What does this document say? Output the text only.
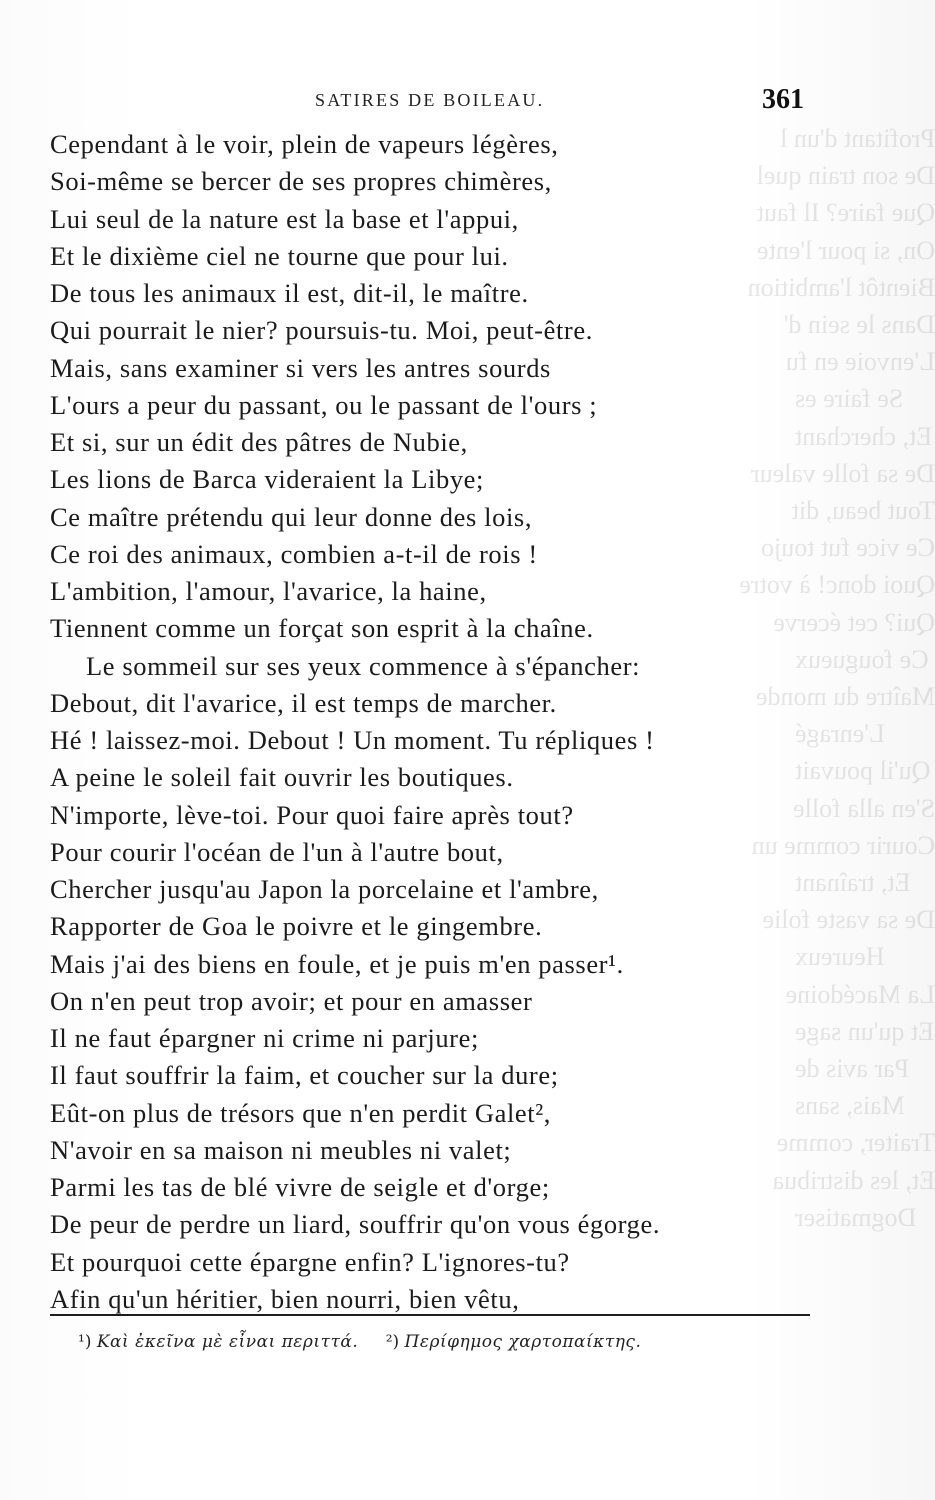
Profitant d'un l
De son train quel
Que faire? Il faut
On, si pour l'ente
Bientôt l'ambition
Dans le sein d'
L'envoie en fu
Se faire es
Et, cherchant
De sa folle valeur
Tout beau, dit
Ce vice fut toujo
Quoi donc! à votre
Qui? cet écerve
Ce fougueux
Maître du monde
L'enragé
Qu'il pouvait
S'en alla folle
Courir comme un
Et, traînant
De sa vaste folie
Heureux
La Macédoine
Et qu'un sage
Par avis de
Mais, sans
Traiter, comme
Et, les distribua
Dogmatiser
SATIRES DE BOILEAU.	361
Cependant à le voir, plein de vapeurs légères,
Soi-même se bercer de ses propres chimères,
Lui seul de la nature est la base et l'appui,
Et le dixième ciel ne tourne que pour lui.
De tous les animaux il est, dit-il, le maître.
Qui pourrait le nier? poursuis-tu. Moi, peut-être.
Mais, sans examiner si vers les antres sourds
L'ours a peur du passant, ou le passant de l'ours ;
Et si, sur un édit des pâtres de Nubie,
Les lions de Barca videraient la Libye;
Ce maître prétendu qui leur donne des lois,
Ce roi des animaux, combien a-t-il de rois !
L'ambition, l'amour, l'avarice, la haine,
Tiennent comme un forçat son esprit à la chaîne.
Le sommeil sur ses yeux commence à s'épancher:
Debout, dit l'avarice, il est temps de marcher.
Hé ! laissez-moi. Debout ! Un moment. Tu répliques !
A peine le soleil fait ouvrir les boutiques.
N'importe, lève-toi. Pour quoi faire après tout?
Pour courir l'océan de l'un à l'autre bout,
Chercher jusqu'au Japon la porcelaine et l'ambre,
Rapporter de Goa le poivre et le gingembre.
Mais j'ai des biens en foule, et je puis m'en passer¹.
On n'en peut trop avoir; et pour en amasser
Il ne faut épargner ni crime ni parjure;
Il faut souffrir la faim, et coucher sur la dure;
Eût-on plus de trésors que n'en perdit Galet²,
N'avoir en sa maison ni meubles ni valet;
Parmi les tas de blé vivre de seigle et d'orge;
De peur de perdre un liard, souffrir qu'on vous égorge.
Et pourquoi cette épargne enfin? L'ignores-tu?
Afin qu'un héritier, bien nourri, bien vêtu,
¹) Καὶ ἐκεῖνα μὲ εἶναι περιττά. ²) Περίφημος χαρτοπαίκτης.
